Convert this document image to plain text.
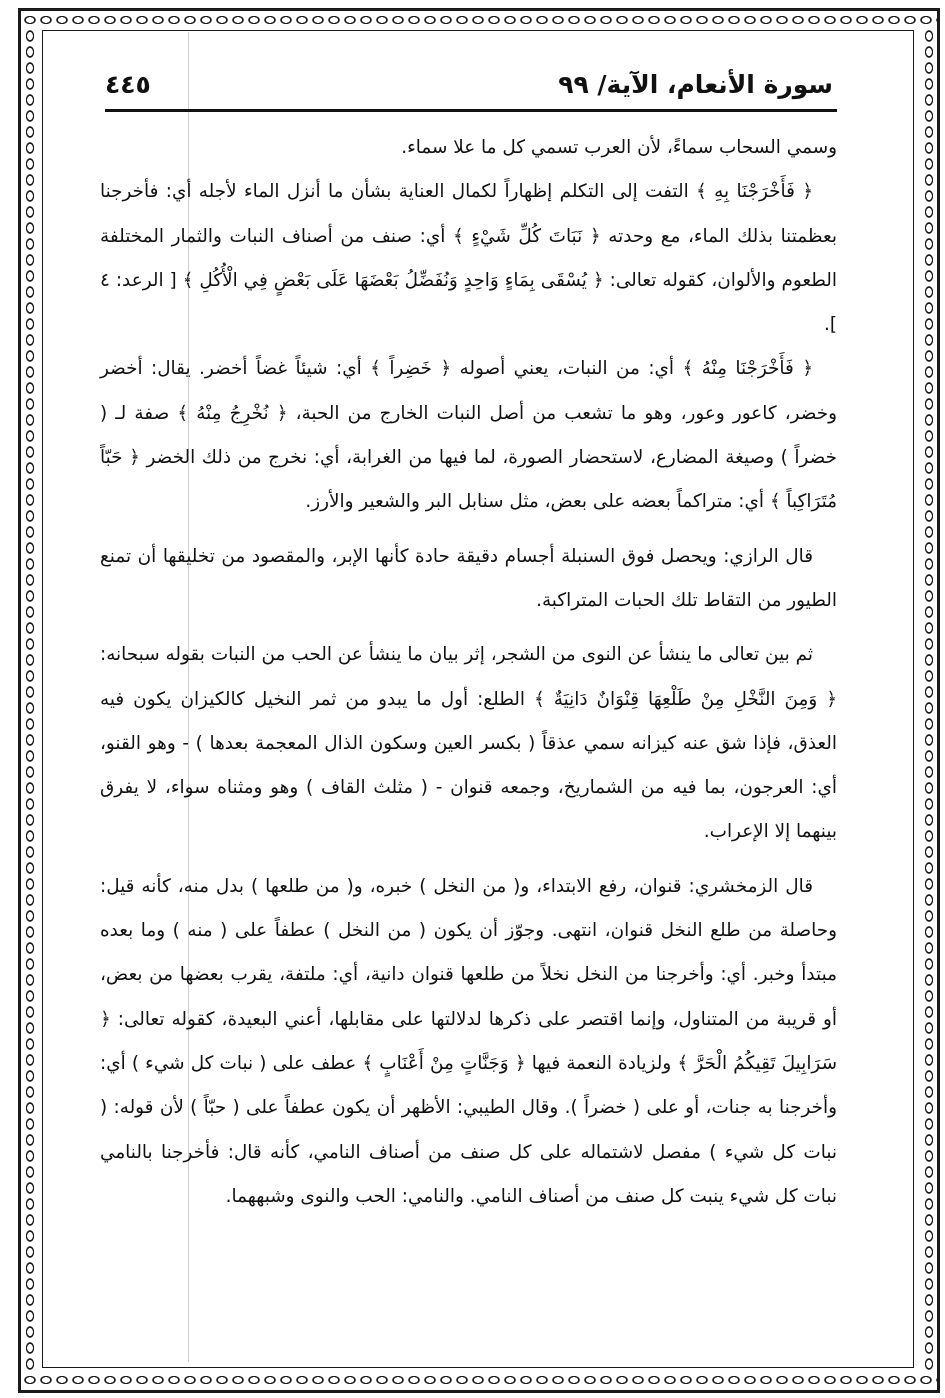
سورة الأنعام، الآية/ ٩٩
٤٤٥

وسمي السحاب سماءً، لأن العرب تسمي كل ما علا سماء.

﴿ فَأَخْرَجْنَا بِهِ ﴾ التفت إلى التكلم إظهاراً لكمال العناية بشأن ما أنزل الماء لأجله أي: فأخرجنا بعظمتنا بذلك الماء، مع وحدته ﴿ نَبَاتَ كُلِّ شَيْءٍ ﴾ أي: صنف من أصناف النبات والثمار المختلفة الطعوم والألوان، كقوله تعالى: ﴿ يُسْقَى بِمَاءٍ وَاحِدٍ وَنُفَضِّلُ بَعْضَهَا عَلَى بَعْضٍ فِي الْأُكُلِ ﴾ [ الرعد: ٤ ].

﴿ فَأَخْرَجْنَا مِنْهُ ﴾ أي: من النبات، يعني أصوله ﴿ خَضِراً ﴾ أي: شيئاً غضاً أخضر. يقال: أخضر وخضر، كاعور وعور، وهو ما تشعب من أصل النبات الخارج من الحبة، ﴿ نُخْرِجُ مِنْهُ ﴾ صفة لـ ( خضراً ) وصيغة المضارع، لاستحضار الصورة، لما فيها من الغرابة، أي: نخرج من ذلك الخضر ﴿ حَبّاً مُتَرَاكِباً ﴾ أي: متراكماً بعضه على بعض، مثل سنابل البر والشعير والأرز.

قال الرازي: ويحصل فوق السنبلة أجسام دقيقة حادة كأنها الإبر، والمقصود من تخليقها أن تمنع الطيور من التقاط تلك الحبات المتراكبة.

ثم بين تعالى ما ينشأ عن النوى من الشجر، إثر بيان ما ينشأ عن الحب من النبات بقوله سبحانه: ﴿ وَمِنَ النَّخْلِ مِنْ طَلْعِهَا قِنْوَانٌ دَانِيَةٌ ﴾ الطلع: أول ما يبدو من ثمر النخيل كالكيزان يكون فيه العذق، فإذا شق عنه كيزانه سمي عذقاً ( بكسر العين وسكون الذال المعجمة بعدها ) - وهو القنو، أي: العرجون، بما فيه من الشماريخ، وجمعه قنوان - ( مثلث القاف ) وهو ومثناه سواء، لا يفرق بينهما إلا الإعراب.

قال الزمخشري: قنوان، رفع الابتداء، و( من النخل ) خبره، و( من طلعها ) بدل منه، كأنه قيل: وحاصلة من طلع النخل قنوان، انتهى. وجوّز أن يكون ( من النخل ) عطفاً على ( منه ) وما بعده مبتدأ وخبر. أي: وأخرجنا من النخل نخلاً من طلعها قنوان دانية، أي: ملتفة، يقرب بعضها من بعض، أو قريبة من المتناول، وإنما اقتصر على ذكرها لدلالتها على مقابلها، أعني البعيدة، كقوله تعالى: ﴿ سَرَابِيلَ تَقِيكُمُ الْحَرَّ ﴾ ولزيادة النعمة فيها ﴿ وَجَنَّاتٍ مِنْ أَعْنَابٍ ﴾ عطف على ( نبات كل شيء ) أي: وأخرجنا به جنات، أو على ( خضراً ). وقال الطيبي: الأظهر أن يكون عطفاً على ( حبّاً ) لأن قوله: ( نبات كل شيء ) مفصل لاشتماله على كل صنف من أصناف النامي، كأنه قال: فأخرجنا بالنامي نبات كل شيء ينبت كل صنف من أصناف النامي. والنامي: الحب والنوى وشبههما.
